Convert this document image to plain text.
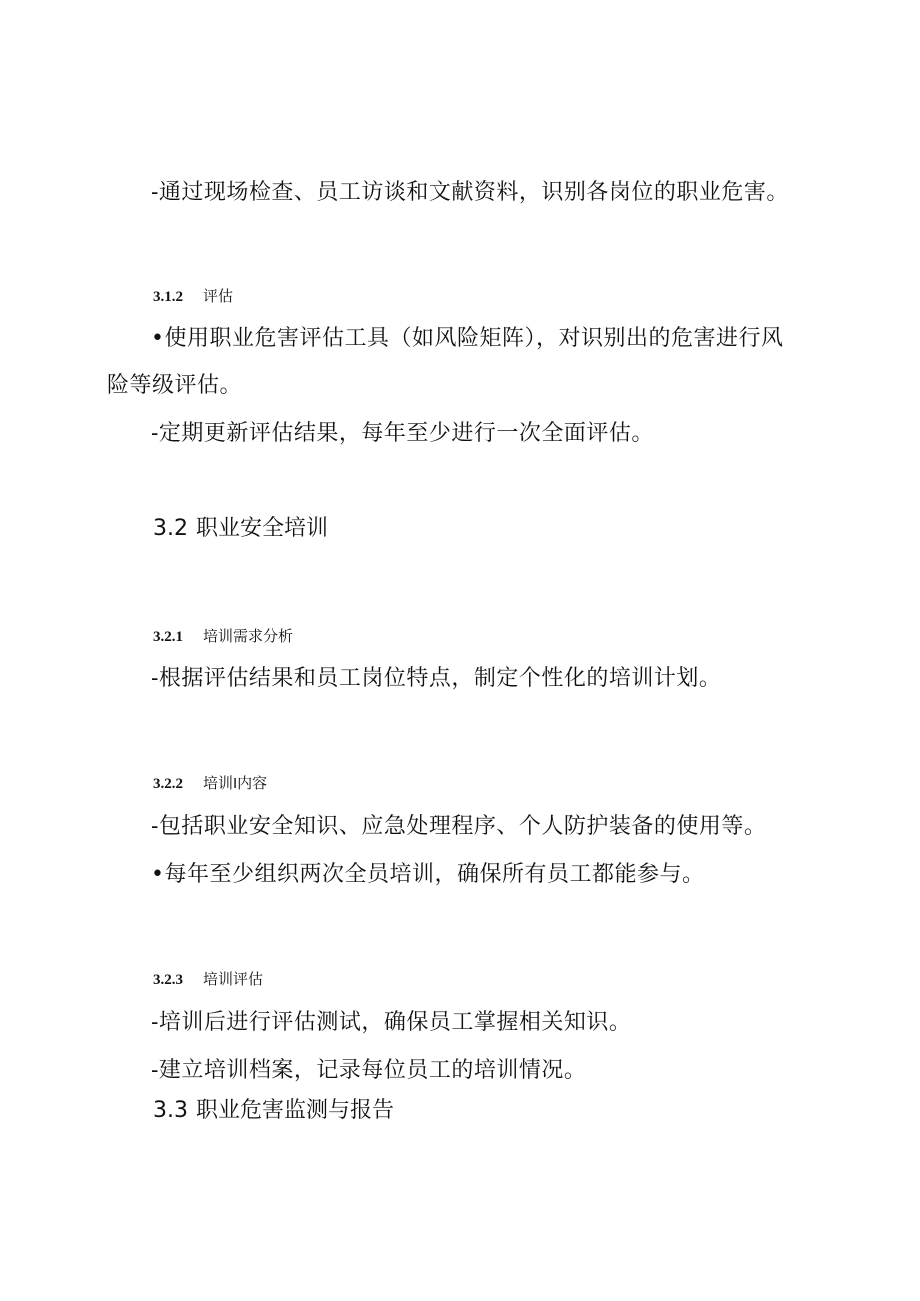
-通过现场检查、员工访谈和文献资料，识别各岗位的职业危害。

3.1.2 评估

•使用职业危害评估工具（如风险矩阵），对识别出的危害进行风

险等级评估。

-定期更新评估结果，每年至少进行一次全面评估。

3.2 职业安全培训
3.2.1 培训需求分析

-根据评估结果和员工岗位特点，制定个性化的培训计划。

3.2.2 培训I内容

-包括职业安全知识、应急处理程序、个人防护装备的使用等。

•每年至少组织两次全员培训，确保所有员工都能参与。

3.2.3 培训评估

-培训后进行评估测试，确保员工掌握相关知识。

-建立培训档案，记录每位员工的培训情况。

3.3 职业危害监测与报告
